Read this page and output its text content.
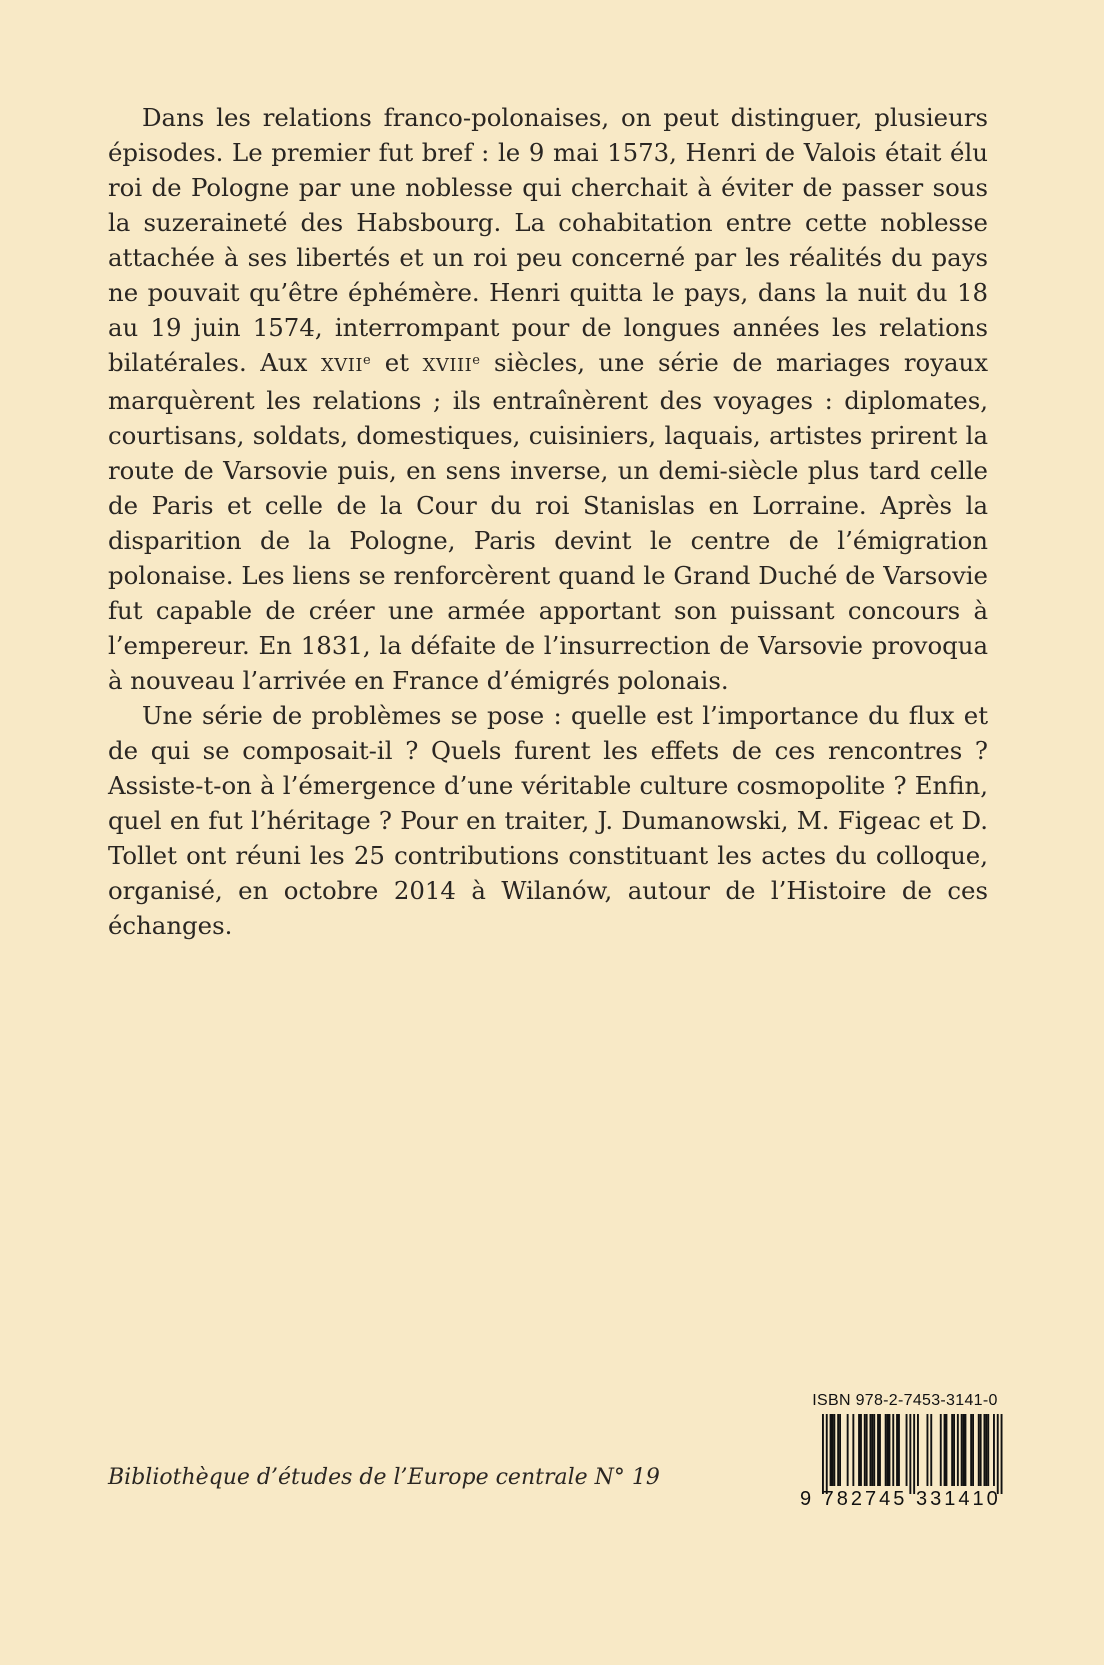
Dans les relations franco-polonaises, on peut distinguer, plusieurs épisodes. Le premier fut bref : le 9 mai 1573, Henri de Valois était élu roi de Pologne par une noblesse qui cherchait à éviter de passer sous la suzeraineté des Habsbourg. La cohabitation entre cette noblesse attachée à ses libertés et un roi peu concerné par les réalités du pays ne pouvait qu’être éphémère. Henri quitta le pays, dans la nuit du 18 au 19 juin 1574, interrompant pour de longues années les relations bilatérales. Aux XVIIe et XVIIIe siècles, une série de mariages royaux marquèrent les relations ; ils entraînèrent des voyages : diplomates, courtisans, soldats, domestiques, cuisiniers, laquais, artistes prirent la route de Varsovie puis, en sens inverse, un demi-siècle plus tard celle de Paris et celle de la Cour du roi Stanislas en Lorraine. Après la disparition de la Pologne, Paris devint le centre de l’émigration polonaise. Les liens se renforcèrent quand le Grand Duché de Varsovie fut capable de créer une armée apportant son puissant concours à l’empereur. En 1831, la défaite de l’insurrection de Varsovie provoqua à nouveau l’arrivée en France d’émigrés polonais.

Une série de problèmes se pose : quelle est l’importance du flux et de qui se composait-il ? Quels furent les effets de ces rencontres ? Assiste-t-on à l’émergence d’une véritable culture cosmopolite ? Enfin, quel en fut l’héritage ? Pour en traiter, J. Dumanowski, M. Figeac et D. Tollet ont réuni les 25 contributions constituant les actes du colloque, organisé, en octobre 2014 à Wilanów, autour de l’Histoire de ces échanges.

Bibliothèque d’études de l’Europe centrale N° 19
ISBN 978-2-7453-3141-0
9 782745 331410
